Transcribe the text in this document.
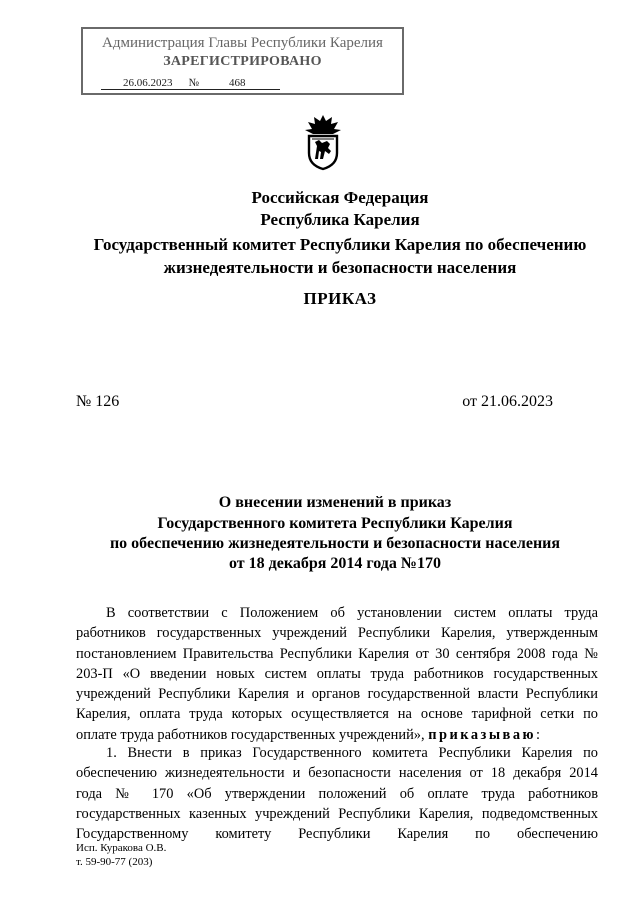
Администрация Главы Республики Карелия
ЗАРЕГИСТРИРОВАНО
26.06.2023 №	468
Российская Федерация
Республика Карелия
Государственный комитет Республики Карелия по обеспечению
жизнедеятельности и безопасности населения
ПРИКАЗ
№ 126	от 21.06.2023
О внесении изменений в приказ
Государственного комитета Республики Карелия
по обеспечению жизнедеятельности и безопасности населения
от 18 декабря 2014 года №170
В соответствии с Положением об установлении систем оплаты труда
работников государственных учреждений Республики Карелия, утвержденным
постановлением Правительства Республики Карелия от 30 сентября 2008 года №
203-П «О введении новых систем оплаты труда работников государственных
учреждений Республики Карелия и органов государственной власти Республики
Карелия, оплата труда которых осуществляется на основе тарифной сетки по
оплате труда работников государственных учреждений», приказываю:
1. Внести в приказ Государственного комитета Республики Карелия по
обеспечению жизнедеятельности и безопасности населения от 18 декабря 2014
года № 170 «Об утверждении положений об оплате труда работников
государственных казенных учреждений Республики Карелия, подведомственных
Государственному комитету Республики Карелия по обеспечению
Исп. Куракова О.В.
т. 59-90-77 (203)
